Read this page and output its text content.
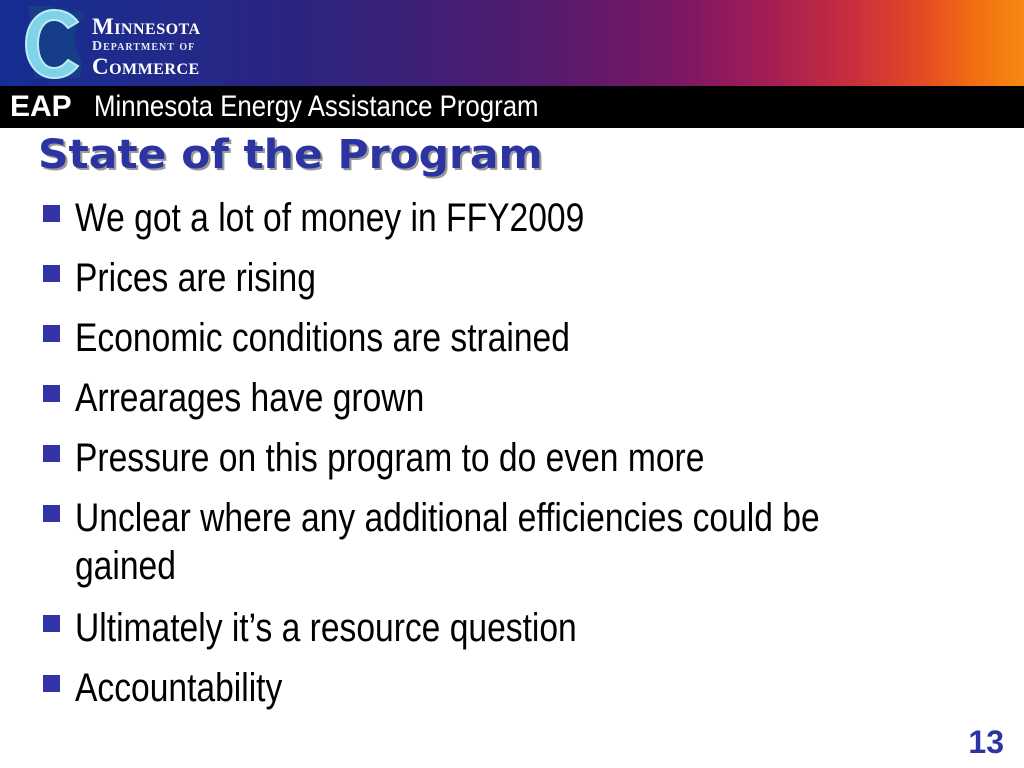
Minnesota
Department of
Commerce
EAP Minnesota Energy Assistance Program
State of the Program
We got a lot of money in FFY2009
Prices are rising
Economic conditions are strained
Arrearages have grown
Pressure on this program to do even more
Unclear where any additional efficiencies could be gained
Ultimately it’s a resource question
Accountability
13
